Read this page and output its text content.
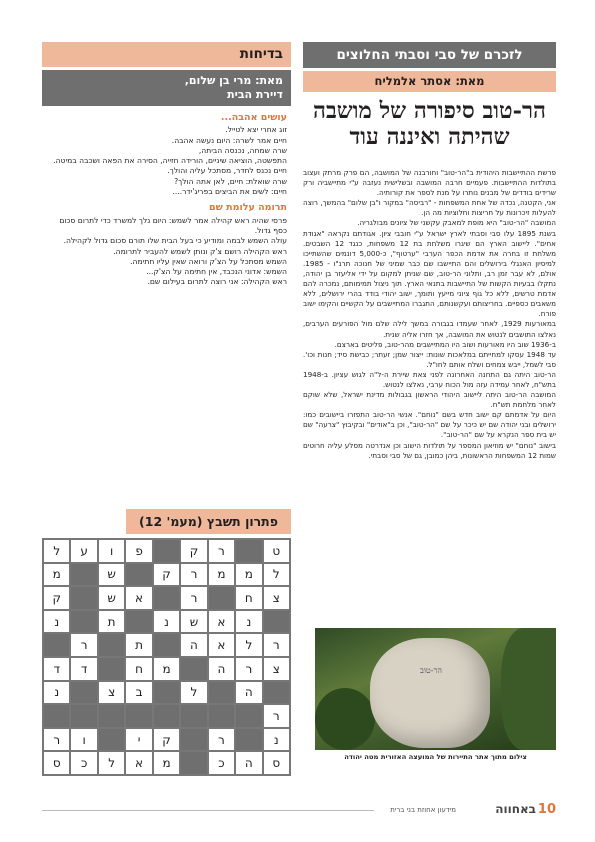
לזכרם של סבי וסבתי החלוצים
מאת: אסתר אלמליח
הר-טוב סיפורה של מושבה שהיתה ואיננה עוד

פרשת ההתיישבות היהודית ב"הר-טוב" וחורבנה של המושבה, הם פרק מרתק ועצוב בתולדות ההתיישבות. פעמיים חרבה המושבה ובשלישית נעזבה ע"י מתיישביה ורק שרידים בודדים של מבנים נותרו על מנת לספר את קורותיה.

אני, הקטנה, נכדה של אחת המשפחות - "רביסה" במקור ו"בן שלום" בהמשך, רוצה להעלות זיכרונות על חריצות וחלוציות מה הן.

המושבה "הר-טוב" היא מופת למאבק עקשני של ציונים מבולגריה.

בשנת 1895 עלו סבי וסבתי לארץ ישראל ע"י חובבי ציון. אגודתם נקראה "אגודת אחים". ליישוב הארץ הם שיגרו משלחת בת 12 משפחות, כנגד 12 השבטים. משלחת זו בחרה את אדמת הכפר הערבי "ערטוף", כ-5,000 דונמים שהשתייכו למיסיון האנגלי בירושלים והם התיישבו שם כבר שמיני של חנוכה תרנ"ו - 1985. אולם, לא עבר זמן רב, ותלוני הר-טוב, שם שניתן למקום על ידי אליעזר בן יהודה, נתקלו בבעיות הקשות של התיישבות בתנאי הארץ. תוך ניצול תמימותם, נמכרה להם אדמת טרשים, ללא כל גוף ציוני מייעץ ותומך, ישוב יהודי בודד בהרי ירושלים, ללא משאבים כספיים. בחריצותם ועקשנותם, התגברו המתיישבים על הקשיים והקימו ישוב פורח.

במאורעות 1929, לאחר שעמדו בגבורה במשך לילה שלם מול הפורעים הערבים, נאלצו התושבים לנטוש את המושבה, אך חזרו אליה שנית.

ב-1936 שוב היו מאורעות ושוב היו המתיישבים מהר-טוב, פליטים בארצם.

עד 1948 עסקו למחייתם במלאכות שונות: ייצור שמן; זעתר; כבישת סיד; חנות וכו'. סבי לשמל, ייבש צמחים ושלח אותם לחו"ל.

הר-טוב היתה גם התחנה האחרונה לפני צאת שיירת ה-ל"ה לגוש עציון. ב-1948 בתש"ח, לאחר עמידה עזה מול הכוח ערבי, נאלצו לנטוש.

המושבה הר-טוב היתה ליישוב היהודי הראשון בגבולות מדינת ישראל, שלא שוקם לאחר מלחמת תש"ח.

היום על אדמתם קם ישוב חדש בשם "נוחם". אנשי הר-טוב התפזרו ביישובים כמו: ירושלים ובני יהודה שם יש כיכר על שם "הר-טוב", וכן ב"אודים" ובקיבוץ "צרעה" שם יש בית ספר הנקרא על שם "הר-טוב".

בישוב "נוחם" יש מוזיאון המספר על תולדות הישוב וכן אנדרטה מסלע עליה חרוטים שמות 12 המשפחות הראשונות, ביהן כמובן, גם של סבי וסבתי.

הר-טוב
צילום מתוך אתר התיירות של המועצה האזורית מטה יהודה
בדיחות
מאת: מרי בן שלום,
דיירת הבית
עושים אהבה...

זוג אחרי יצא לטייל.

חיים אמר לשרה: היום נעשה אהבה.

שרה שמחה, נכנסה הביתה,

התפשטה, הוציאה שיניים, הורידה חזייה, הסירה את הפאה ושכבה במיטה.

חיים נכנס לחדר, מסתכל עליה והולך.

שרה שואלת: חיים, לאן אתה הולך?

חיים: לשים את הביצים בפריג'ידר....

תרומה עלומת שם

פרסי שהיה ראש קהילה אמר לשמש: היום נלך למשרד כדי לתרום סכום כסף גדול.

עולה השמש לבמה ומודיע כי בעל הבית שלו תורם סכום גדול לקהילה.

ראש הקהילה רושם צ'ק ונותן לשמש להעביר לתרומה.

השמש מסתכל על הצ'ק ורואה שאין עליו חתימה.

השמש: אדוני הנכבד, אין חתימה על הצ'ק...

ראש הקהילה: אני רוצה לתרום בעילום שם.

פתרון תשבץ (מעמ' 12)
ט
ר
ק
פ
ו
ע
ל
ל
מ
מ
ר
ק
ש
מ
צ
ח
ר
א
ש
ק
נ
א
ש
נ
ת
נ
ר
ל
א
ה
ת
ר
צ
ר
ה
מ
ח
ד
ד
ה
ל
ב
צ
נ
ר
נ
ר
ק
י
ו
ר
ס
ה
כ
מ
א
ל
כ
ס
10
באחווה
מידעון אחוזת בני ברית
